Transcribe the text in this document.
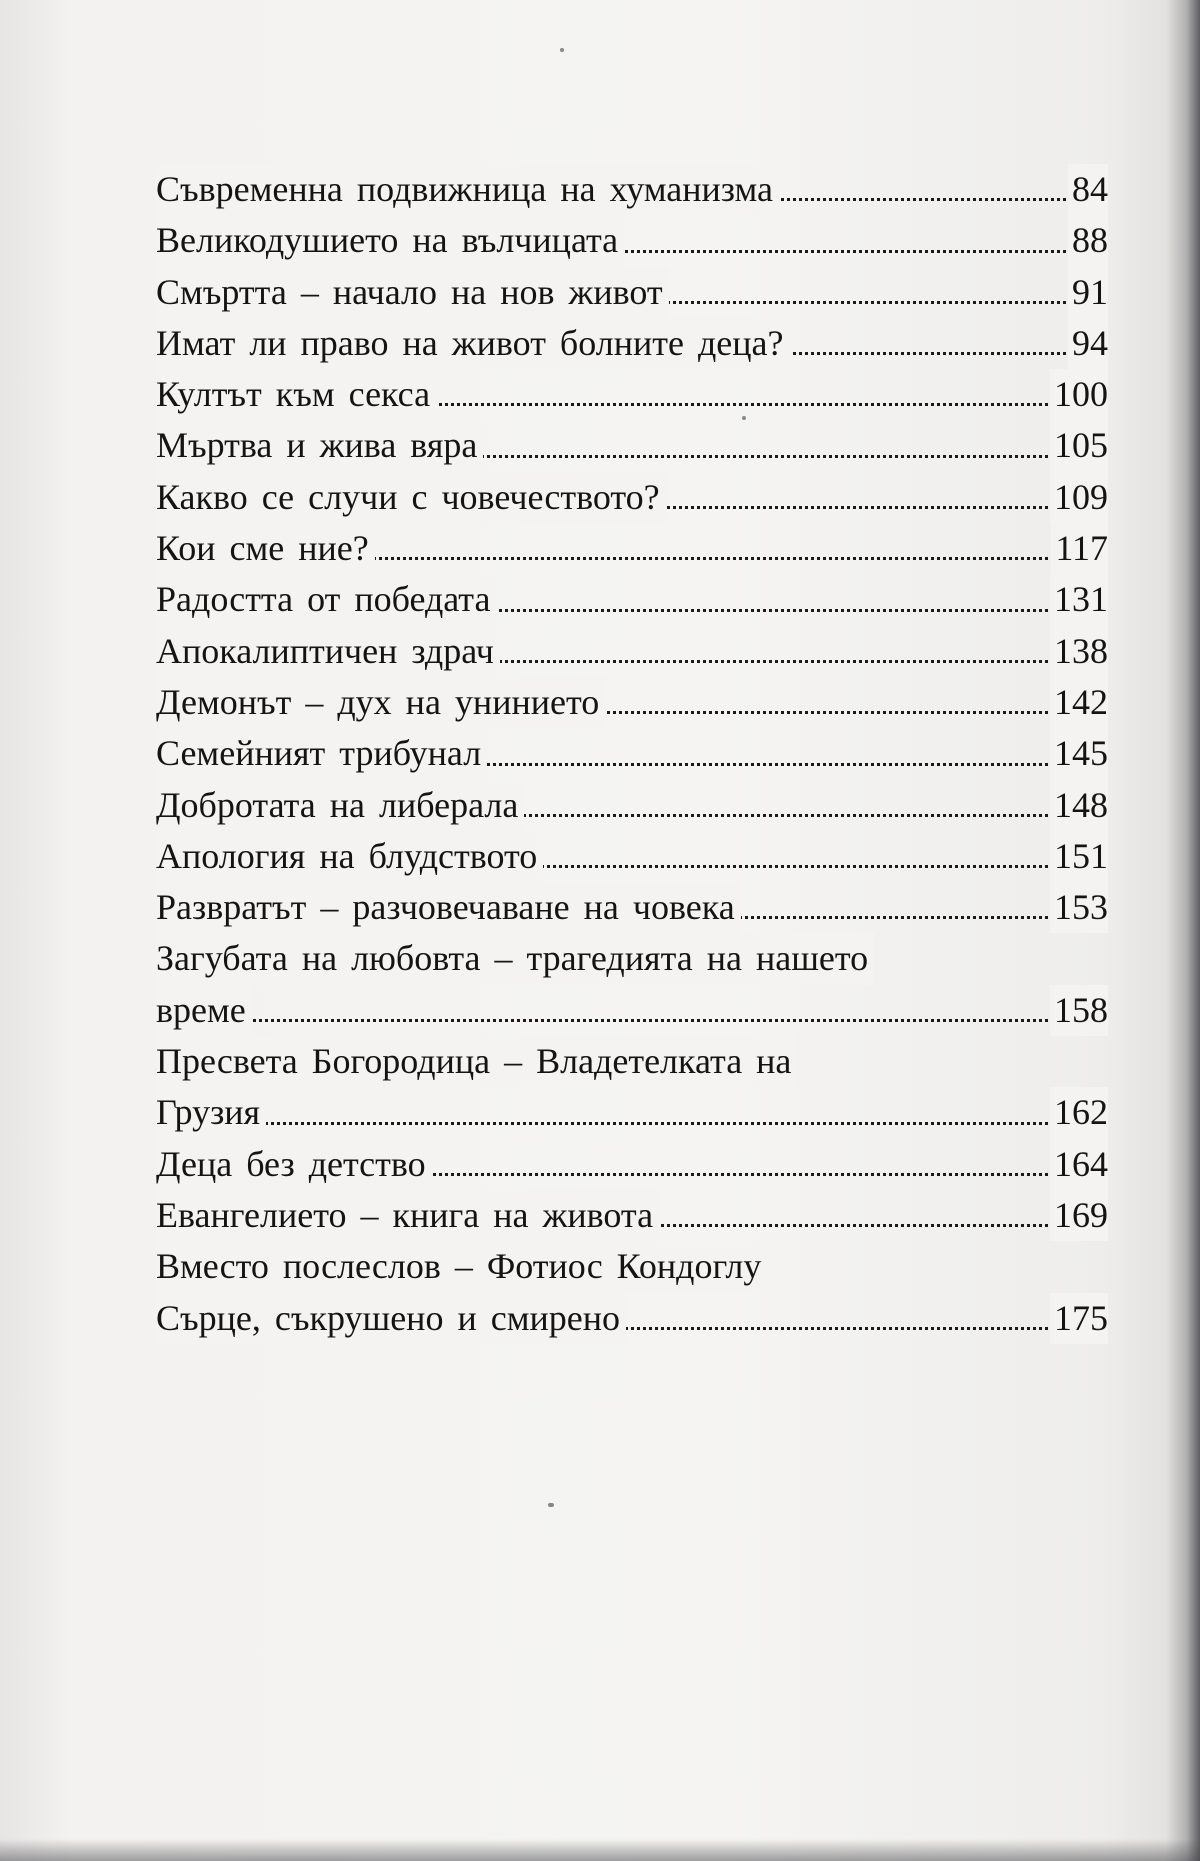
Съвременна подвижница на хуманизма	84
Великодушието на вълчицата	88
Смъртта – начало на нов живот	91
Имат ли право на живот болните деца?	94
Култът към секса	100
Мъртва и жива вяра	105
Какво се случи с човечеството?	109
Кои сме ние?	117
Радостта от победата	131
Апокалиптичен здрач	138
Демонът – дух на унинието	142
Семейният трибунал	145
Добротата на либерала	148
Апология на блудството	151
Развратът – разчовечаване на човека	153
Загубата на любовта – трагедията на нашето
време	158
Пресвета Богородица – Владетелката на
Грузия	162
Деца без детство	164
Евангелието – книга на живота	169
Вместо послеслов – Фотиос Кондоглу
Сърце, съкрушено и смирено	175
